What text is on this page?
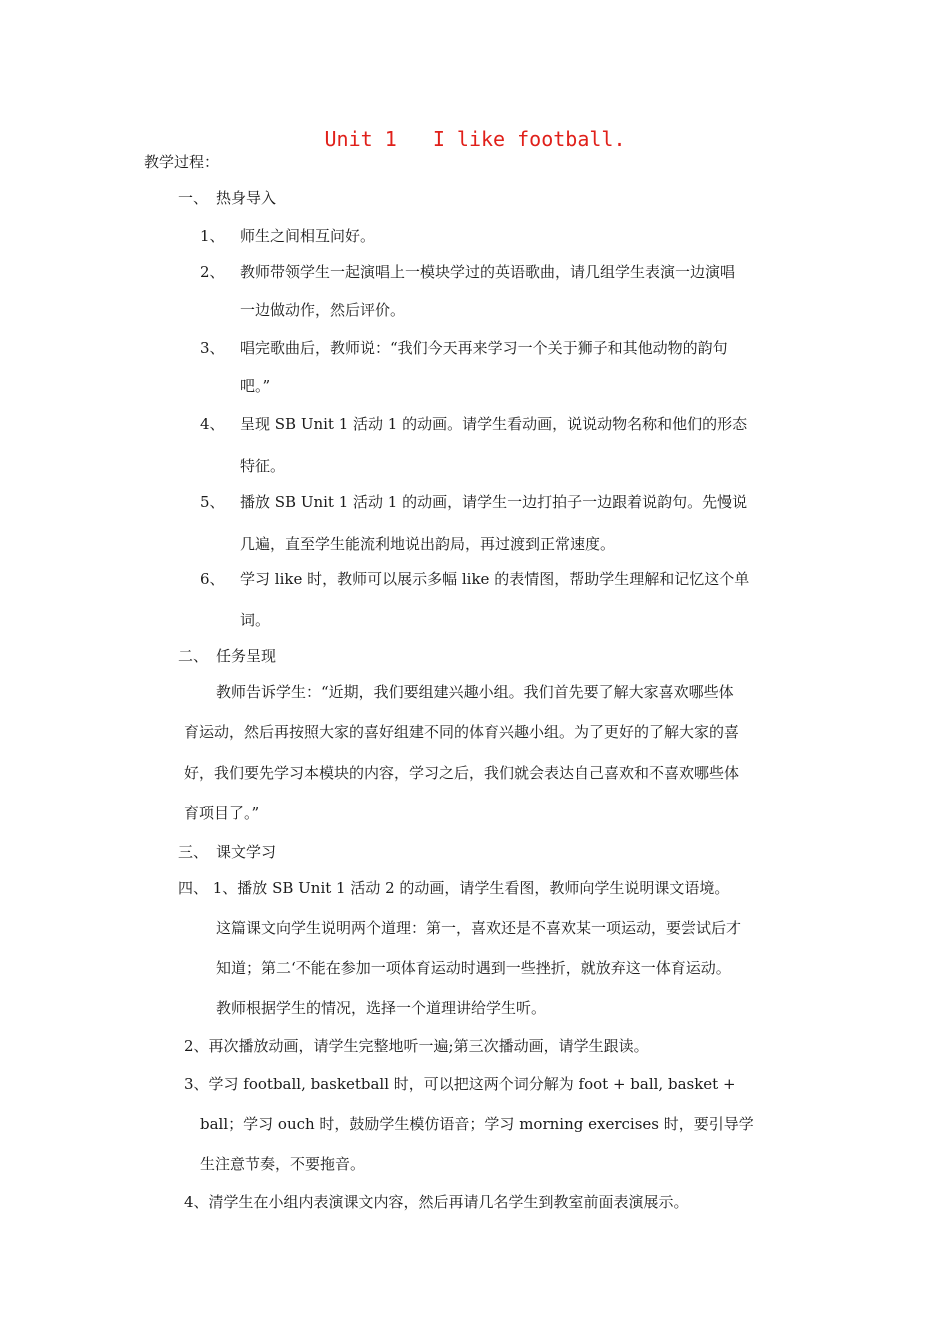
Unit 1   I like football.
教学过程：
一、 热身导入
1、 师生之间相互问好。
2、 教师带领学生一起演唱上一模块学过的英语歌曲，请几组学生表演一边演唱
一边做动作，然后评价。
3、 唱完歌曲后，教师说：“我们今天再来学习一个关于狮子和其他动物的韵句
吧。”
4、 呈现 SB Unit 1 活动 1 的动画。请学生看动画，说说动物名称和他们的形态
特征。
5、 播放 SB Unit 1 活动 1 的动画，请学生一边打拍子一边跟着说韵句。先慢说
几遍，直至学生能流利地说出韵局，再过渡到正常速度。
6、 学习 like 时，教师可以展示多幅 like 的表情图，帮助学生理解和记忆这个单
词。
二、 任务呈现
教师告诉学生：“近期，我们要组建兴趣小组。我们首先要了解大家喜欢哪些体
育运动，然后再按照大家的喜好组建不同的体育兴趣小组。为了更好的了解大家的喜
好，我们要先学习本模块的内容，学习之后，我们就会表达自己喜欢和不喜欢哪些体
育项目了。”
三、 课文学习
四、 1、播放 SB Unit 1 活动 2 的动画，请学生看图，教师向学生说明课文语境。
这篇课文向学生说明两个道理：第一，喜欢还是不喜欢某一项运动，要尝试后才
知道；第二‘不能在参加一项体育运动时遇到一些挫折，就放弃这一体育运动。
教师根据学生的情况，选择一个道理讲给学生听。
2、再次播放动画，请学生完整地听一遍;第三次播动画，请学生跟读。
3、学习 football, basketball 时，可以把这两个词分解为 foot + ball, basket +
ball；学习 ouch 时，鼓励学生模仿语音；学习 morning exercises 时，要引导学
生注意节奏，不要拖音。
4、清学生在小组内表演课文内容，然后再请几名学生到教室前面表演展示。
